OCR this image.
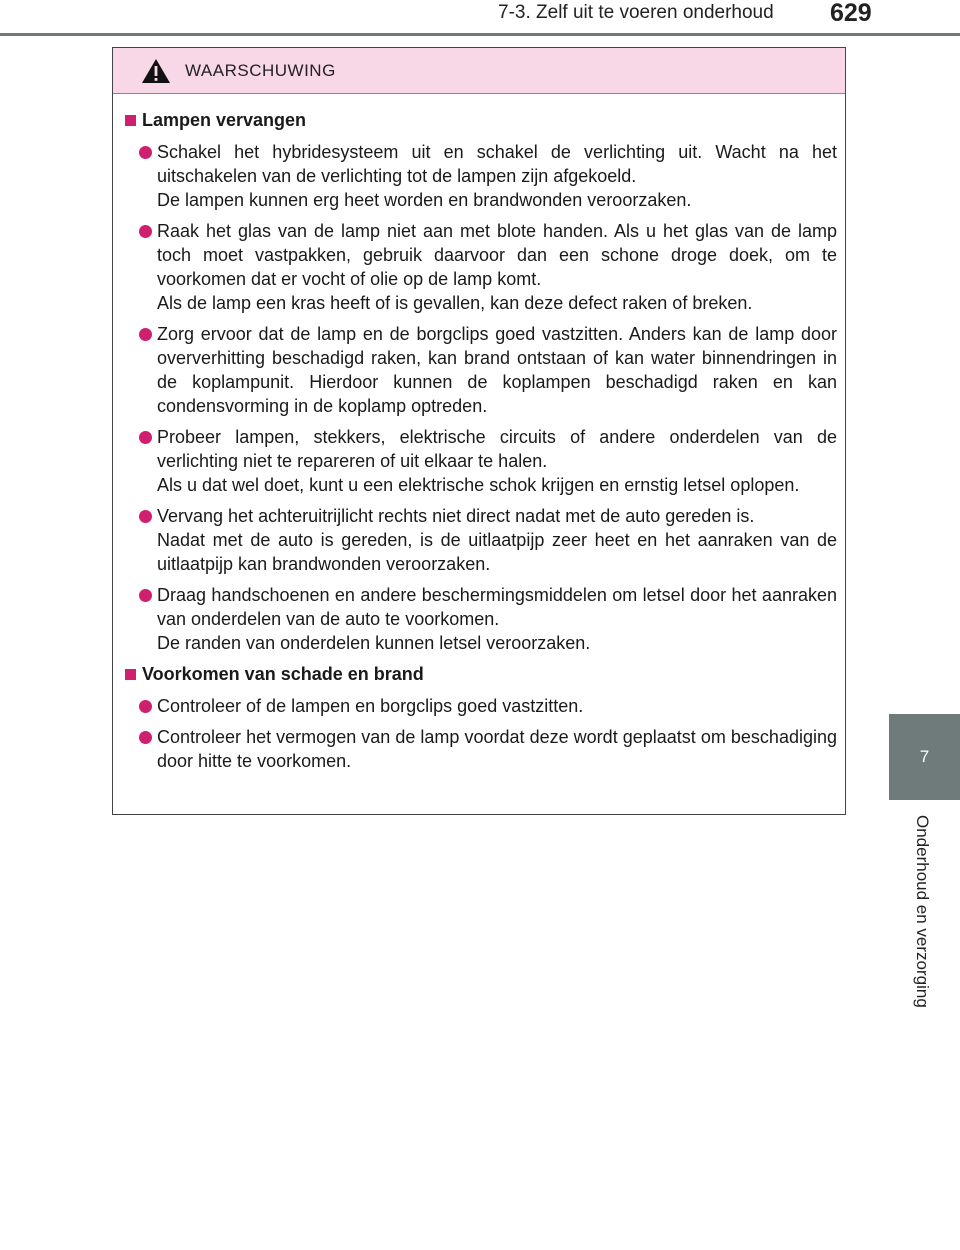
7-3. Zelf uit te voeren onderhoud	629
7
Onderhoud en verzorging
WAARSCHUWING
Lampen vervangen

Schakel het hybridesysteem uit en schakel de verlichting uit. Wacht na het uitschakelen van de verlichting tot de lampen zijn afgekoeld.

De lampen kunnen erg heet worden en brandwonden veroorzaken.

Raak het glas van de lamp niet aan met blote handen. Als u het glas van de lamp toch moet vastpakken, gebruik daarvoor dan een schone droge doek, om te voorkomen dat er vocht of olie op de lamp komt.

Als de lamp een kras heeft of is gevallen, kan deze defect raken of breken.

Zorg ervoor dat de lamp en de borgclips goed vastzitten. Anders kan de lamp door oververhitting beschadigd raken, kan brand ontstaan of kan water binnendringen in de koplampunit. Hierdoor kunnen de koplampen beschadigd raken en kan condensvorming in de koplamp optreden.

Probeer lampen, stekkers, elektrische circuits of andere onderdelen van de verlichting niet te repareren of uit elkaar te halen.

Als u dat wel doet, kunt u een elektrische schok krijgen en ernstig letsel oplopen.

Vervang het achteruitrijlicht rechts niet direct nadat met de auto gereden is.

Nadat met de auto is gereden, is de uitlaatpijp zeer heet en het aanraken van de uitlaatpijp kan brandwonden veroorzaken.

Draag handschoenen en andere beschermingsmiddelen om letsel door het aanraken van onderdelen van de auto te voorkomen.

De randen van onderdelen kunnen letsel veroorzaken.

Voorkomen van schade en brand

Controleer of de lampen en borgclips goed vastzitten.

Controleer het vermogen van de lamp voordat deze wordt geplaatst om beschadiging door hitte te voorkomen.
